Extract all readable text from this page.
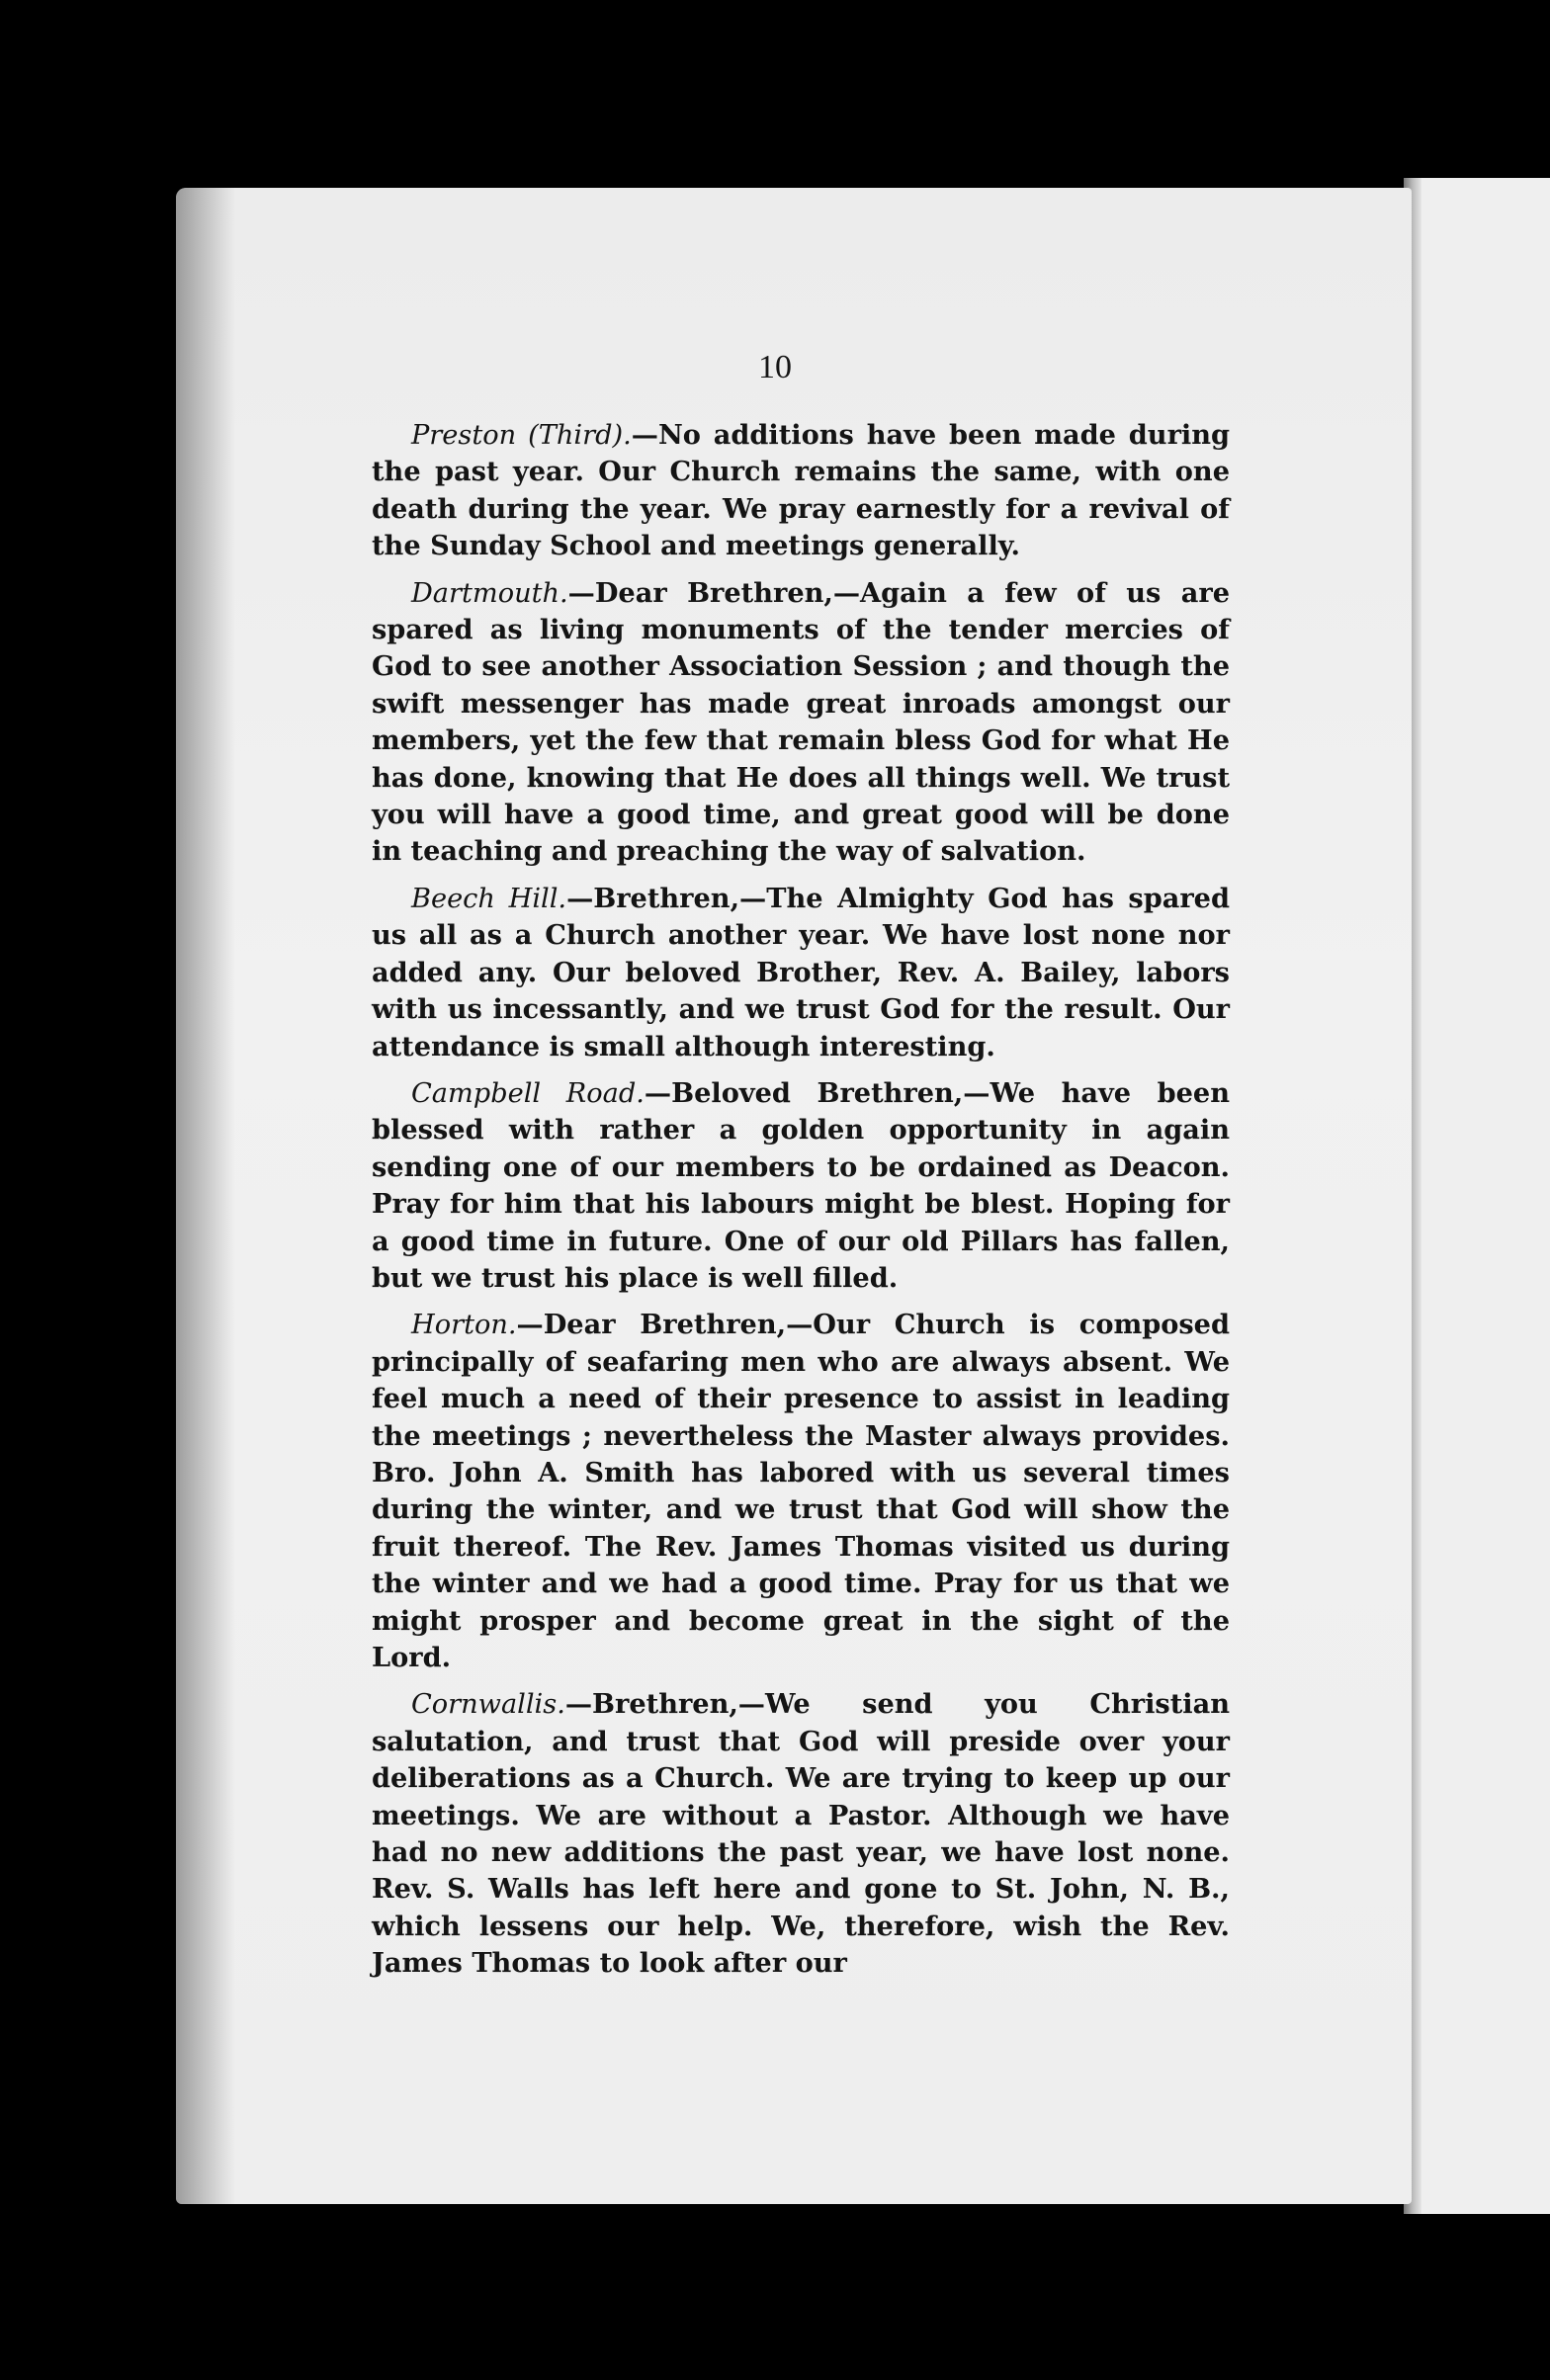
10

Preston (Third).—No additions have been made during the past year. Our Church remains the same, with one death during the year. We pray earnestly for a revival of the Sunday School and meetings generally.

Dartmouth.—Dear Brethren,—Again a few of us are spared as living monuments of the tender mercies of God to see another Association Session ; and though the swift messenger has made great inroads amongst our members, yet the few that remain bless God for what He has done, knowing that He does all things well. We trust you will have a good time, and great good will be done in teaching and preaching the way of salvation.

Beech Hill.—Brethren,—The Almighty God has spared us all as a Church another year. We have lost none nor added any. Our beloved Brother, Rev. A. Bailey, labors with us incessantly, and we trust God for the result. Our attendance is small although interesting.

Campbell Road.—Beloved Brethren,—We have been blessed with rather a golden opportunity in again sending one of our members to be ordained as Deacon. Pray for him that his labours might be blest. Hoping for a good time in future. One of our old Pillars has fallen, but we trust his place is well filled.

Horton.—Dear Brethren,—Our Church is composed principally of seafaring men who are always absent. We feel much a need of their presence to assist in leading the meetings ; nevertheless the Master always provides. Bro. John A. Smith has labored with us several times during the winter, and we trust that God will show the fruit thereof. The Rev. James Thomas visited us during the winter and we had a good time. Pray for us that we might prosper and become great in the sight of the Lord.

Cornwallis.—Brethren,—We send you Christian salutation, and trust that God will preside over your deliberations as a Church. We are trying to keep up our meetings. We are without a Pastor. Although we have had no new additions the past year, we have lost none. Rev. S. Walls has left here and gone to St. John, N. B., which lessens our help. We, therefore, wish the Rev. James Thomas to look after our
